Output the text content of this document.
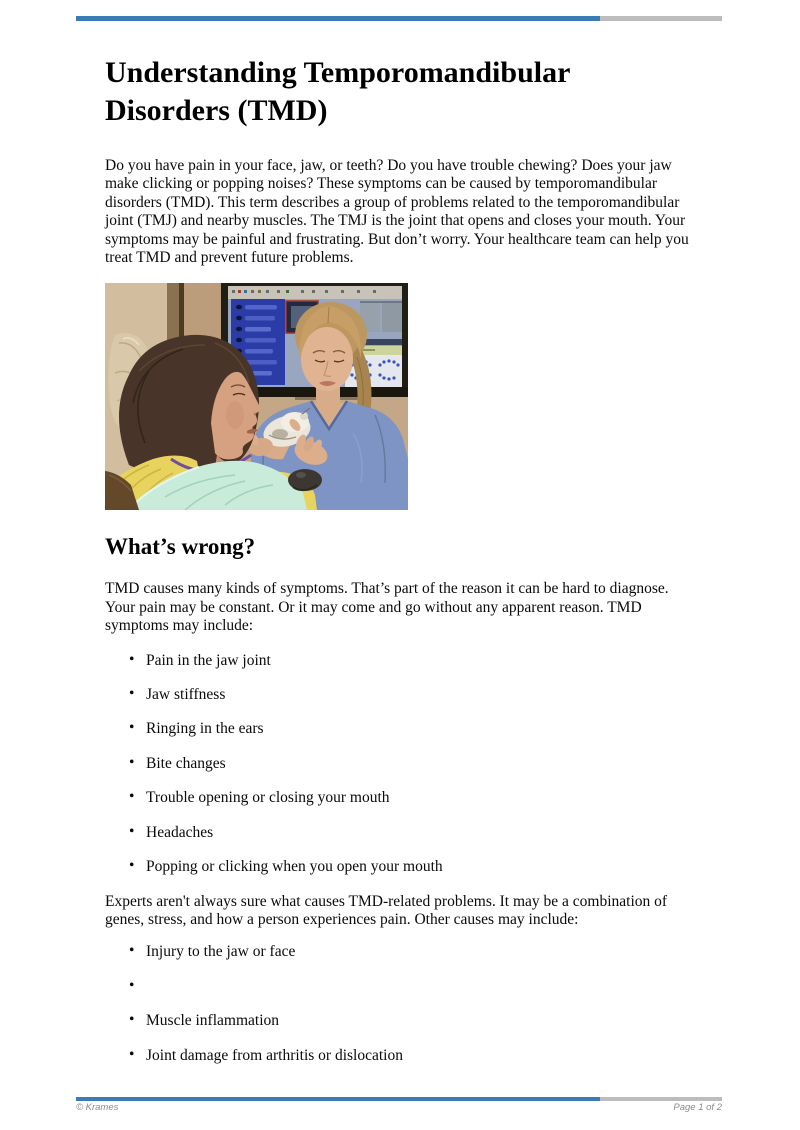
Understanding Temporomandibular Disorders (TMD)

Do you have pain in your face, jaw, or teeth? Do you have trouble chewing? Does your jaw make clicking or popping noises? These symptoms can be caused by temporomandibular disorders (TMD). This term describes a group of problems related to the temporomandibular joint (TMJ) and nearby muscles. The TMJ is the joint that opens and closes your mouth. Your symptoms may be painful and frustrating. But don’t worry. Your healthcare team can help you treat TMD and prevent future problems.

What’s wrong?

TMD causes many kinds of symptoms. That’s part of the reason it can be hard to diagnose. Your pain may be constant. Or it may come and go without any apparent reason. TMD symptoms may include:

• Pain in the jaw joint
• Jaw stiffness
• Ringing in the ears
• Bite changes
• Trouble opening or closing your mouth
• Headaches
• Popping or clicking when you open your mouth

Experts aren't always sure what causes TMD-related problems. It may be a combination of genes, stress, and how a person experiences pain. Other causes may include:

• Injury to the jaw or face
•
• Muscle inflammation
• Joint damage from arthritis or dislocation
© Krames	Page 1 of 2
